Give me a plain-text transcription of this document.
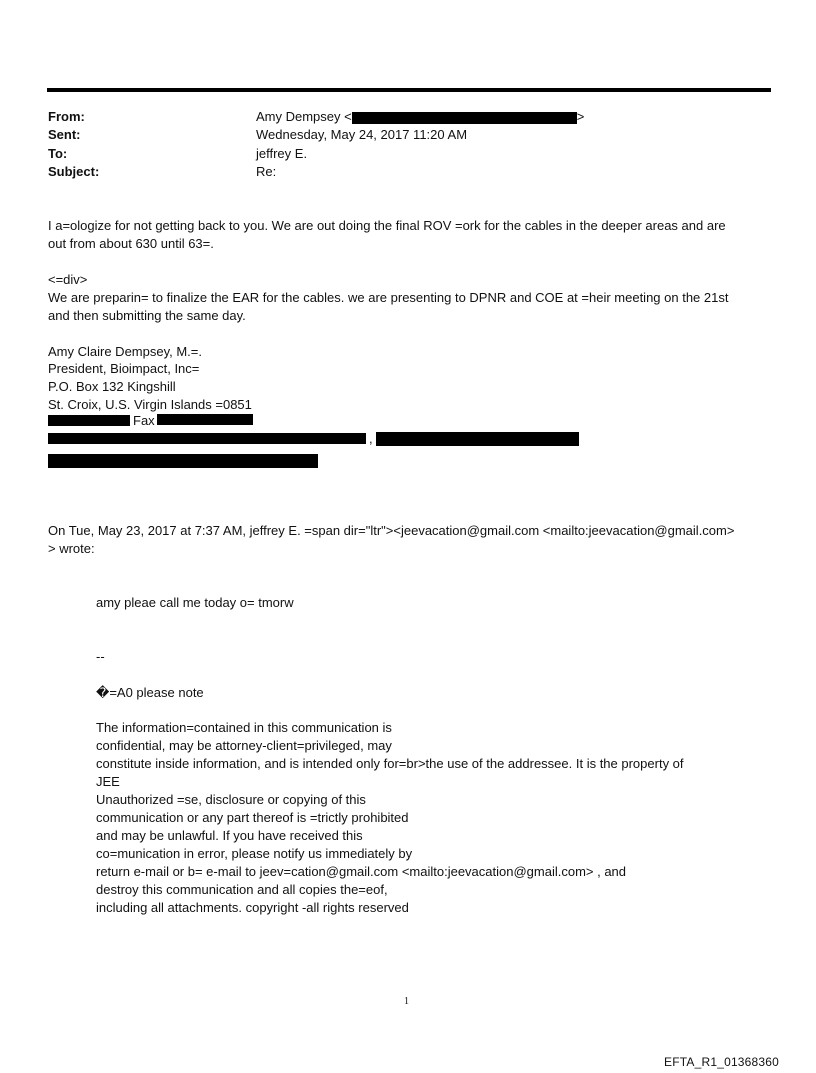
From:	Amy Dempsey <	>
Sent:	Wednesday, May 24, 2017 11:20 AM
To:	jeffrey E.
Subject:	Re:
I a=ologize for not getting back to you. We are out doing the final ROV =ork for the cables in the deeper areas and are
out from about 630 until 63=.
<=div>
We are preparin= to finalize the EAR for the cables. we are presenting to DPNR and COE at =heir meeting on the 21st
and then submitting the same day.
Amy Claire Dempsey, M.=.
President, Bioimpact, Inc=
P.O. Box 132 Kingshill
St. Croix, U.S. Virgin Islands =0851
Fax
,
On Tue, May 23, 2017 at 7:37 AM, jeffrey E. =span dir="ltr"><jeevacation@gmail.com <mailto:jeevacation@gmail.com>
> wrote:
amy pleae call me today o= tmorw
--
�=A0 please note
The information=contained in this communication is
confidential, may be attorney-client=privileged, may
constitute inside information, and is intended only for=br>the use of the addressee. It is the property of
JEE
Unauthorized =se, disclosure or copying of this
communication or any part thereof is =trictly prohibited
and may be unlawful. If you have received this
co=munication in error, please notify us immediately by
return e-mail or b= e-mail to jeev=cation@gmail.com <mailto:jeevacation@gmail.com> , and
destroy this communication and all copies the=eof,
including all attachments. copyright -all rights reserved
1
EFTA_R1_01368360
